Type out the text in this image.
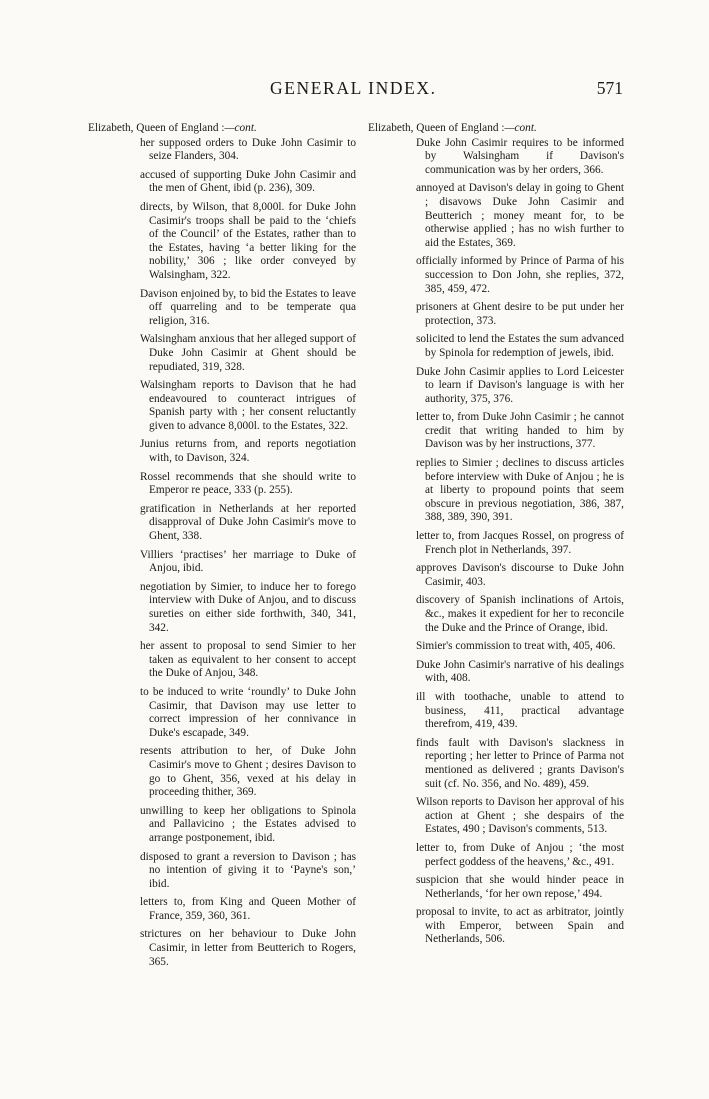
GENERAL INDEX.	571
Elizabeth, Queen of England :—cont.
her supposed orders to Duke John Casimir to seize Flanders, 304.
accused of supporting Duke John Casimir and the men of Ghent, ibid (p. 236), 309.
directs, by Wilson, that 8,000l. for Duke John Casimir's troops shall be paid to the ‘chiefs of the Council’ of the Estates, rather than to the Estates, having ‘a better liking for the nobility,’ 306 ; like order conveyed by Walsingham, 322.
Davison enjoined by, to bid the Estates to leave off quarreling and to be temperate qua religion, 316.
Walsingham anxious that her alleged support of Duke John Casimir at Ghent should be repudiated, 319, 328.
Walsingham reports to Davison that he had endeavoured to counteract intrigues of Spanish party with ; her consent reluctantly given to advance 8,000l. to the Estates, 322.
Junius returns from, and reports negotiation with, to Davison, 324.
Rossel recommends that she should write to Emperor re peace, 333 (p. 255).
gratification in Netherlands at her reported disapproval of Duke John Casimir's move to Ghent, 338.
Villiers ‘practises’ her marriage to Duke of Anjou, ibid.
negotiation by Simier, to induce her to forego interview with Duke of Anjou, and to discuss sureties on either side forthwith, 340, 341, 342.
her assent to proposal to send Simier to her taken as equivalent to her consent to accept the Duke of Anjou, 348.
to be induced to write ‘roundly’ to Duke John Casimir, that Davison may use letter to correct impression of her connivance in Duke's escapade, 349.
resents attribution to her, of Duke John Casimir's move to Ghent ; desires Davison to go to Ghent, 356, vexed at his delay in proceeding thither, 369.
unwilling to keep her obligations to Spinola and Pallavicino ; the Estates advised to arrange postponement, ibid.
disposed to grant a reversion to Davison ; has no intention of giving it to ‘Payne's son,’ ibid.
letters to, from King and Queen Mother of France, 359, 360, 361.
strictures on her behaviour to Duke John Casimir, in letter from Beutterich to Rogers, 365.
Elizabeth, Queen of England :—cont.
Duke John Casimir requires to be informed by Walsingham if Davison's communication was by her orders, 366.
annoyed at Davison's delay in going to Ghent ; disavows Duke John Casimir and Beutterich ; money meant for, to be otherwise applied ; has no wish further to aid the Estates, 369.
officially informed by Prince of Parma of his succession to Don John, she replies, 372, 385, 459, 472.
prisoners at Ghent desire to be put under her protection, 373.
solicited to lend the Estates the sum advanced by Spinola for redemption of jewels, ibid.
Duke John Casimir applies to Lord Leicester to learn if Davison's language is with her authority, 375, 376.
letter to, from Duke John Casimir ; he cannot credit that writing handed to him by Davison was by her instructions, 377.
replies to Simier ; declines to discuss articles before interview with Duke of Anjou ; he is at liberty to propound points that seem obscure in previous negotiation, 386, 387, 388, 389, 390, 391.
letter to, from Jacques Rossel, on progress of French plot in Netherlands, 397.
approves Davison's discourse to Duke John Casimir, 403.
discovery of Spanish inclinations of Artois, &c., makes it expedient for her to reconcile the Duke and the Prince of Orange, ibid.
Simier's commission to treat with, 405, 406.
Duke John Casimir's narrative of his dealings with, 408.
ill with toothache, unable to attend to business, 411, practical advantage therefrom, 419, 439.
finds fault with Davison's slackness in reporting ; her letter to Prince of Parma not mentioned as delivered ; grants Davison's suit (cf. No. 356, and No. 489), 459.
Wilson reports to Davison her approval of his action at Ghent ; she despairs of the Estates, 490 ; Davison's comments, 513.
letter to, from Duke of Anjou ; ‘the most perfect goddess of the heavens,’ &c., 491.
suspicion that she would hinder peace in Netherlands, ‘for her own repose,’ 494.
proposal to invite, to act as arbitrator, jointly with Emperor, between Spain and Netherlands, 506.
